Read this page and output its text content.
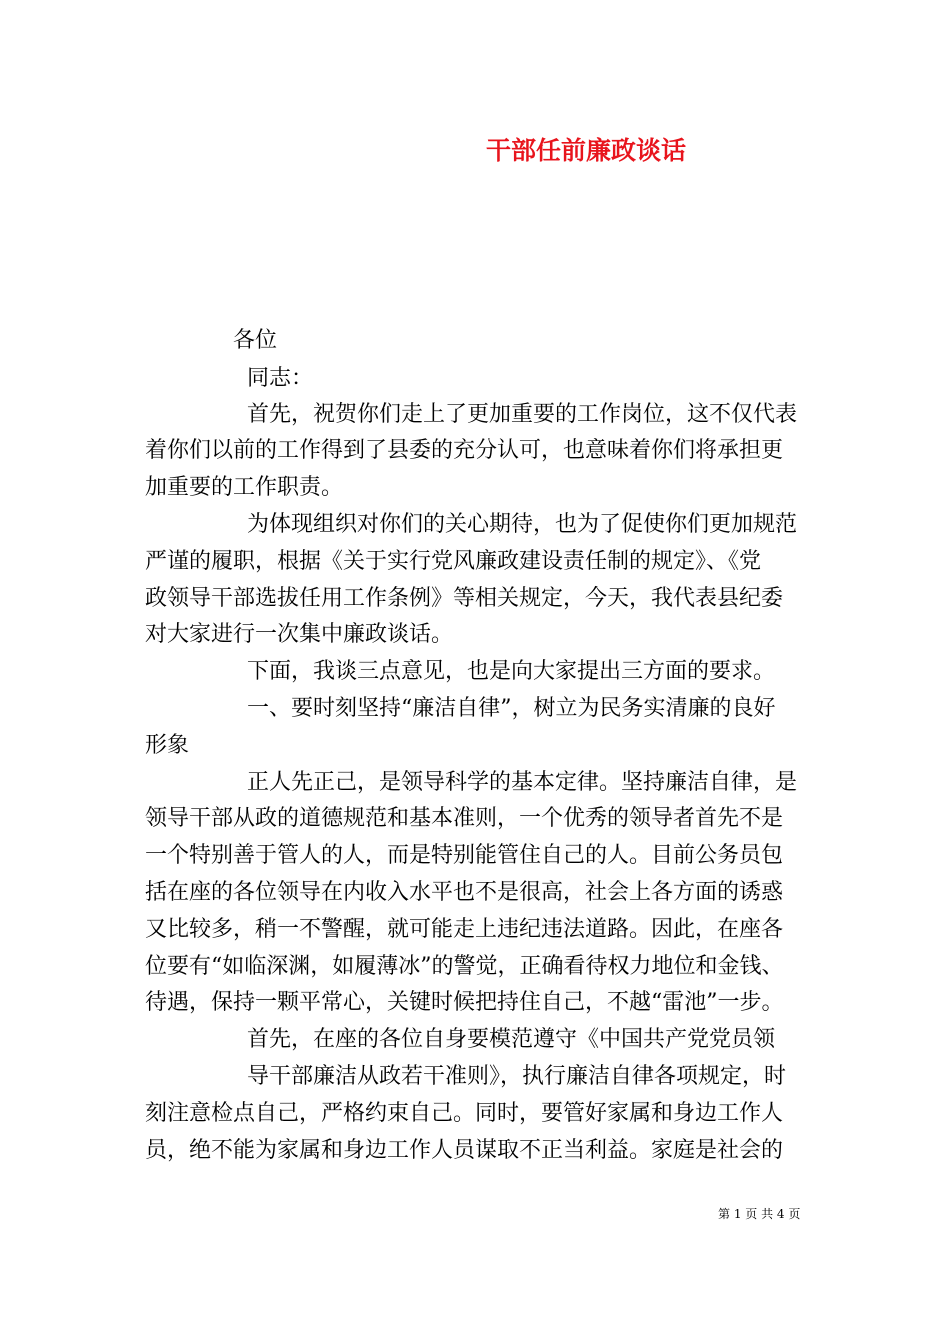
干部任前廉政谈话
各位
同志：
首先，祝贺你们走上了更加重要的工作岗位，这不仅代表
着你们以前的工作得到了县委的充分认可，也意味着你们将承担更
加重要的工作职责。
为体现组织对你们的关心期待，也为了促使你们更加规范
严谨的履职，根据《关于实行党风廉政建设责任制的规定》、《党
政领导干部选拔任用工作条例》等相关规定，今天，我代表县纪委
对大家进行一次集中廉政谈话。
下面，我谈三点意见，也是向大家提出三方面的要求。
一、要时刻坚持“廉洁自律”，树立为民务实清廉的良好
形象
正人先正己，是领导科学的基本定律。坚持廉洁自律，是
领导干部从政的道德规范和基本准则，一个优秀的领导者首先不是
一个特别善于管人的人，而是特别能管住自己的人。目前公务员包
括在座的各位领导在内收入水平也不是很高，社会上各方面的诱惑
又比较多，稍一不警醒，就可能走上违纪违法道路。因此，在座各
位要有“如临深渊，如履薄冰”的警觉，正确看待权力地位和金钱、
待遇，保持一颗平常心，关键时候把持住自己，不越“雷池”一步。
首先，在座的各位自身要模范遵守《中国共产党党员领
导干部廉洁从政若干准则》，执行廉洁自律各项规定，时
刻注意检点自己，严格约束自己。同时，要管好家属和身边工作人
员，绝不能为家属和身边工作人员谋取不正当利益。家庭是社会的
第 1 页 共 4 页
